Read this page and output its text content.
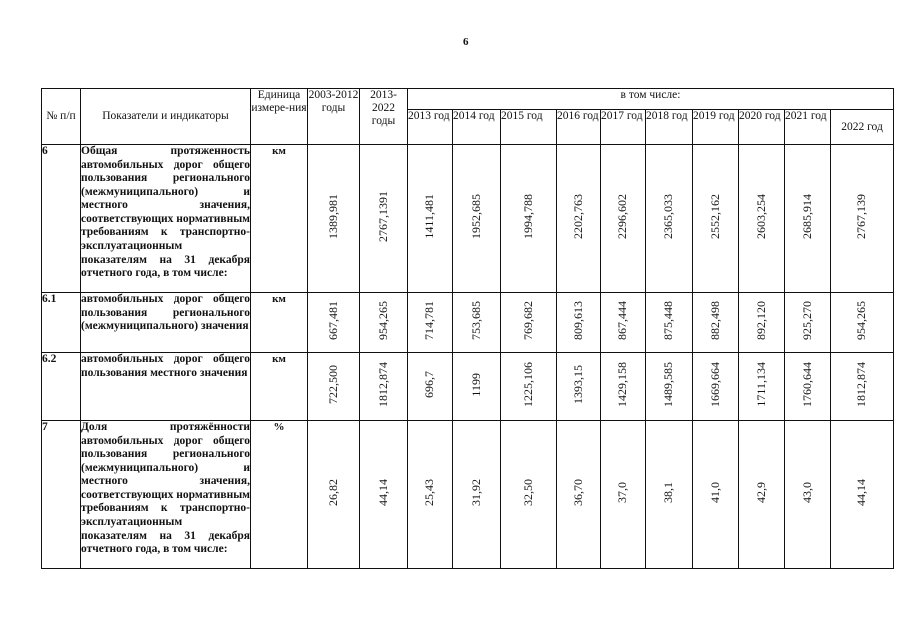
6
№ п/п	Показатели и индикаторы	Единица измере-ния	2003-2012 годы	2013-2022 годы	в том числе:									
					2013 год	2014 год	2015 год	2016 год	2017 год	2018 год	2019 год	2020 год	2021 год	2022 год
6	Общая протяженность автомобильных дорог общего пользования регионального (межмуниципального) и местного значения, соответствующих нормативным требованиям к транспортно-эксплуатационным показателям на 31 декабря отчетного года, в том числе:	км	1389,981	2767,1391	1411,481	1952,685	1994,788	2202,763	2296,602	2365,033	2552,162	2603,254	2685,914	2767,139
6.1	автомобильных дорог общего пользования регионального (межмуниципального) значения	км	667,481	954,265	714,781	753,685	769,682	809,613	867,444	875,448	882,498	892,120	925,270	954,265
6.2	автомобильных дорог общего пользования местного значения	км	722,500	1812,874	696,7	1199	1225,106	1393,15	1429,158	1489,585	1669,664	1711,134	1760,644	1812,874
7	Доля протяжённости автомобильных дорог общего пользования регионального (межмуниципального) и местного значения, соответствующих нормативным требованиям к транспортно-эксплуатационным показателям на 31 декабря отчетного года, в том числе:	%	26,82	44,14	25,43	31,92	32,50	36,70	37,0	38,1	41,0	42,9	43,0	44,14
